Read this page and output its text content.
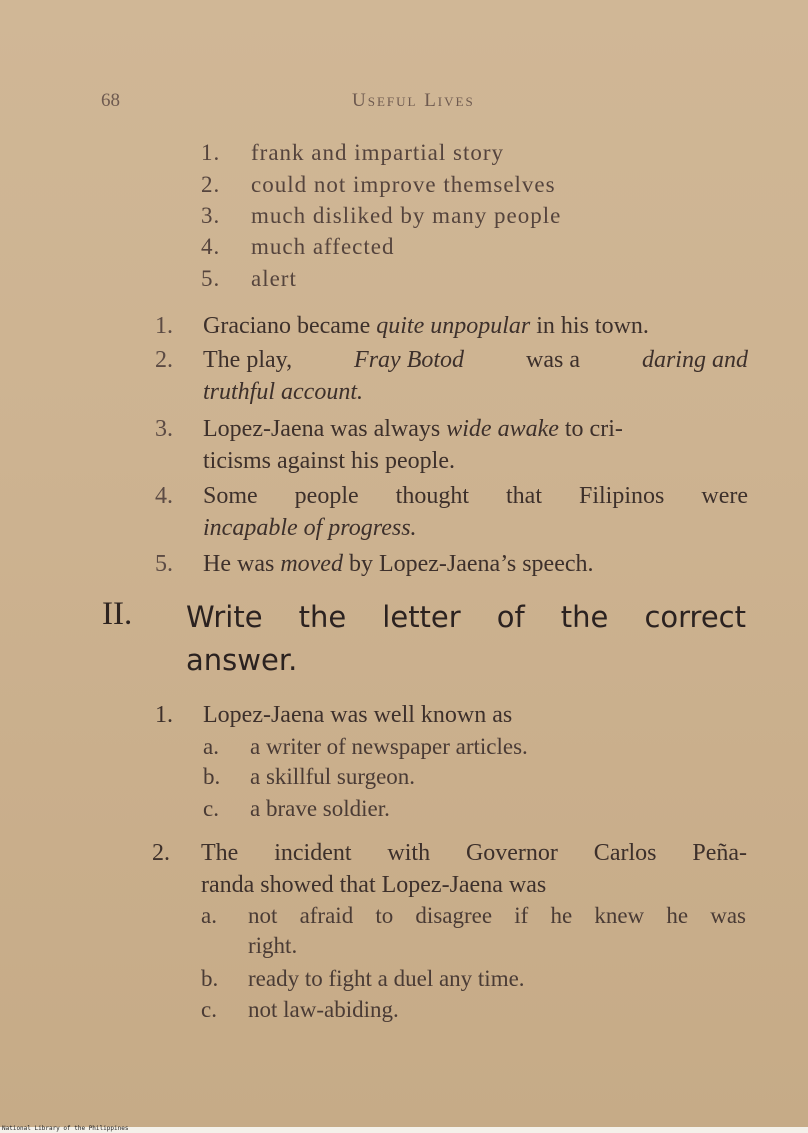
68	Useful Lives
1. frank and impartial story
2. could not improve themselves
3. much disliked by many people
4. much affected
5. alert
1. Graciano became quite unpopular in his town.
2. The play,	Fray Botod	was a	daring and
truthful account.
3. Lopez-Jaena was always wide awake to cri-
ticisms against his people.
4. Some people thought that Filipinos were
incapable of progress.
5. He was moved by Lopez-Jaena’s speech.
II. Write the letter of the correct
answer.
1. Lopez-Jaena was well known as
a. a writer of newspaper articles.
b. a skillful surgeon.
c. a brave soldier.
2. The incident with Governor Carlos Peña-
randa showed that Lopez-Jaena was
a. not afraid to disagree if he knew he was
right.
b. ready to fight a duel any time.
c. not law-abiding.
National Library of the Philippines
